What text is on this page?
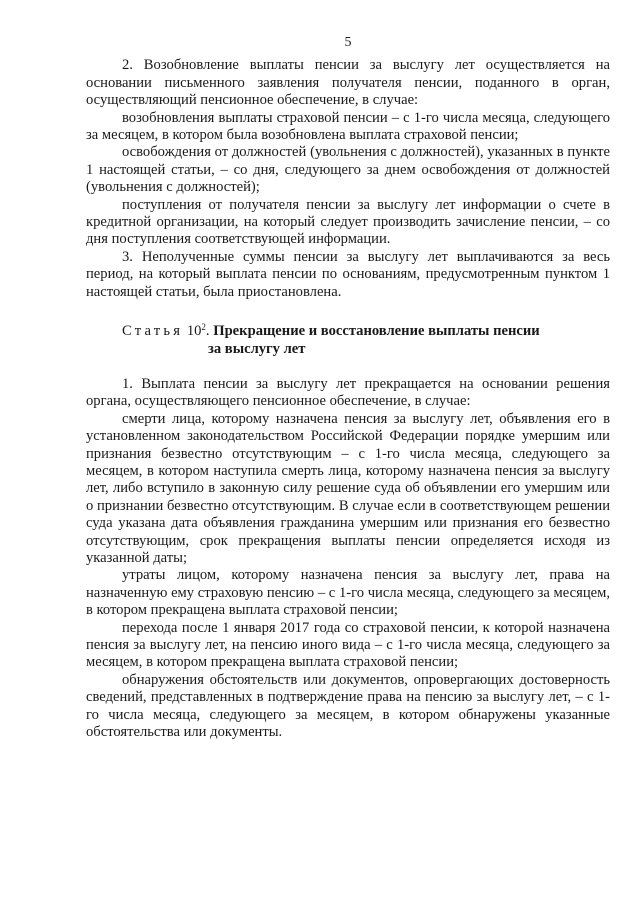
5

2. Возобновление выплаты пенсии за выслугу лет осуществляется на основании письменного заявления получателя пенсии, поданного в орган, осуществляющий пенсионное обеспечение, в случае:

возобновления выплаты страховой пенсии – с 1-го числа месяца, следующего за месяцем, в котором была возобновлена выплата страховой пенсии;

освобождения от должностей (увольнения с должностей), указанных в пункте 1 настоящей статьи, – со дня, следующего за днем освобождения от должностей (увольнения с должностей);

поступления от получателя пенсии за выслугу лет информации о счете в кредитной организации, на который следует производить зачисление пенсии, – со дня поступления соответствующей информации.

3. Неполученные суммы пенсии за выслугу лет выплачиваются за весь период, на который выплата пенсии по основаниям, предусмотренным пунктом 1 настоящей статьи, была приостановлена.

Статья $10^2$. Прекращение и восстановление выплаты пенсии
за выслугу лет

1. Выплата пенсии за выслугу лет прекращается на основании решения органа, осуществляющего пенсионное обеспечение, в случае:

смерти лица, которому назначена пенсия за выслугу лет, объявления его в установленном законодательством Российской Федерации порядке умершим или признания безвестно отсутствующим – с 1-го числа месяца, следующего за месяцем, в котором наступила смерть лица, которому назначена пенсия за выслугу лет, либо вступило в законную силу решение суда об объявлении его умершим или о признании безвестно отсутствующим. В случае если в соответствующем решении суда указана дата объявления гражданина умершим или признания его безвестно отсутствующим, срок прекращения выплаты пенсии определяется исходя из указанной даты;

утраты лицом, которому назначена пенсия за выслугу лет, права на назначенную ему страховую пенсию – с 1-го числа месяца, следующего за месяцем, в котором прекращена выплата страховой пенсии;

перехода после 1 января 2017 года со страховой пенсии, к которой назначена пенсия за выслугу лет, на пенсию иного вида – с 1-го числа месяца, следующего за месяцем, в котором прекращена выплата страховой пенсии;

обнаружения обстоятельств или документов, опровергающих достоверность сведений, представленных в подтверждение права на пенсию за выслугу лет, – с 1-го числа месяца, следующего за месяцем, в котором обнаружены указанные обстоятельства или документы.
